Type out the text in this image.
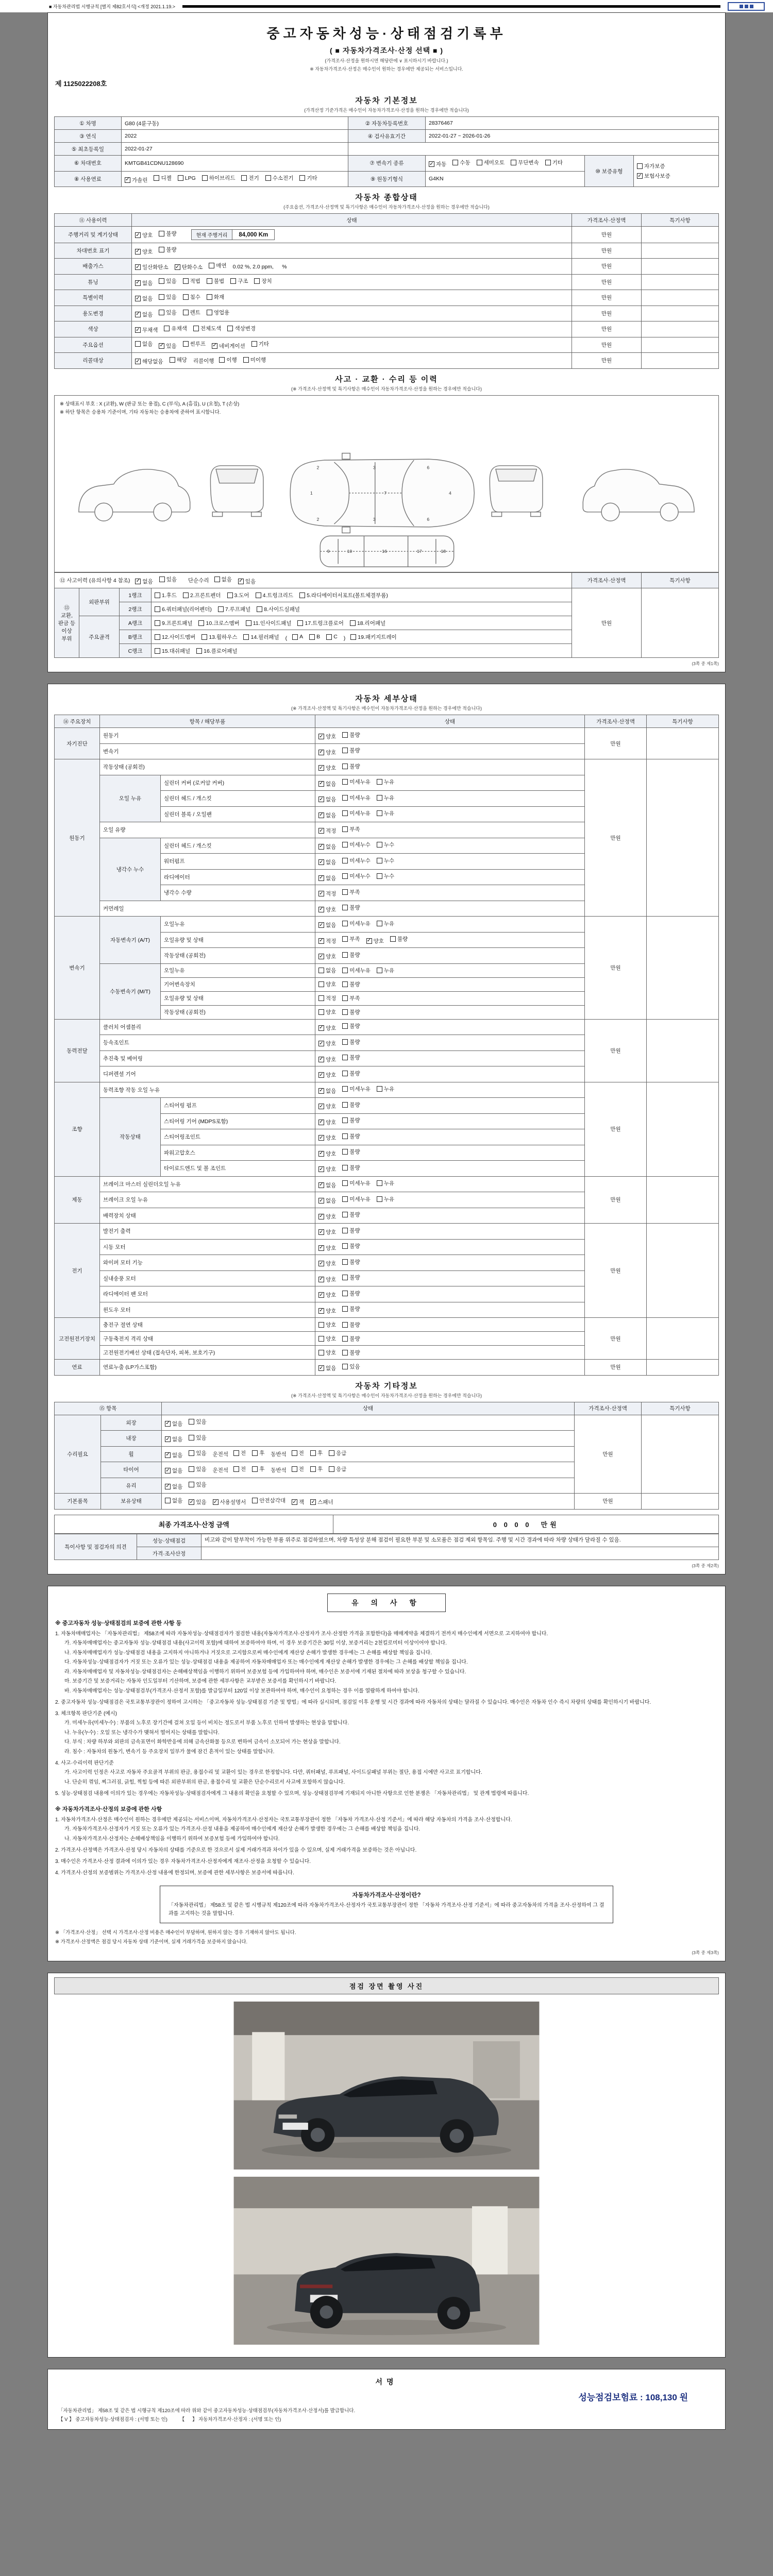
■ 자동차관리법 시행규칙 [별지 제82호서식] <개정 2021.1.19.>
중고자동차성능·상태점검기록부
( ■ 자동차가격조사·산정 선택 ■ )
(가격조사·산정을 원하시면 해당란에 ∨ 표시하시기 바랍니다.)
※ 자동차가격조사·산정은 매수인이 원하는 경우에만 제공되는 서비스입니다.
제 1125022208호
자동차 기본정보
(가격산정 기준가격은 매수인이 자동차가격조사·산정을 원하는 경우에만 적습니다)
① 차명	G80 (4륜구동)	② 자동차등록번호	28376467		
③ 연식	2022	④ 검사유효기간	2022-01-27 ~ 2026-01-26		
⑤ 최초등록일	2022-01-27				
⑥ 차대번호	KMTGB41CDNU128690	⑦ 변속기 종류	✓ 자동 수동 세미오토 무단변속 기타
	⑩ 보증유형	
자가보증
✓ 보험사보증

⑧ 사용연료	✓ 가솔린 디젤 LPG 하이브리드 전기 수소전기 기타	⑨ 원동기형식	G4KN
자동차 종합상태
(주요옵션, 가격조사·산정액 및 특기사항은 매수인이 자동차가격조사·산정을 원하는 경우에만 적습니다)
⑪ 사용이력	상태	가격조사·산정액	특기사항
주행거리 및 계기상태	✓ 양호 불량 현재 주행거리 84,000 Km	만원	
차대번호 표기	✓ 양호 불량	만원	
배출가스	✓ 일산화탄소 ✓ 탄화수소 매연 0.02 %, 2.0 ppm, 　 %	만원	
튜닝	✓ 없음 있음 적법 불법 구조 장치	만원	
특별이력	✓ 없음 있음 침수 화재	만원	
용도변경	✓ 없음 있음 렌트 영업용	만원	
색상	✓ 무채색 유채색 전체도색 색상변경	만원	
주요옵션	없음 ✓ 있음 썬루프 ✓ 네비게이션 기타	만원	
리콜대상	✓ 해당없음 해당 리콜이행 이행 미이행	만원	
사고 · 교환 · 수리 등 이력
(※ 가격조사·산정액 및 특기사항은 매수인이 자동차가격조사·산정을 원하는 경우에만 적습니다)
※ 상태표시 부호 : X (교환), W (판금 또는 용접), C (부식), A (흠집), U (요철), T (손상)
※ 하단 항목은 승용차 기준이며, 기타 자동차는 승용차에 준하여 표시합니다.
1
2
2
3
3
4
6
6
7
9	10	16	17	18
⑫ 사고이력 (유의사항 4 참조) ✓ 없음 있음 단순수리 없음 ✓ 있음	가격조사·산정액	특기사항
⑬ 교환, 판금 등 이상 부위	외판부위	1랭크	1.후드 2.프론트펜더 3.도어 4.트렁크리드 5.라디에이터서포트(볼트체결부품)	만원	
		2랭크	6.쿼터패널(리어펜더) 7.루프패널 8.사이드실패널		

	주요골격	A랭크	9.프론트패널 10.크로스멤버 11.인사이드패널 17.트렁크플로어 18.리어패널		

B랭크	12.사이드멤버 13.휠하우스 14.필러패널 ( A B C ) 19.패키지트레이

		C랭크	15.대쉬패널 16.플로어패널		
(3쪽 중 제1쪽)
자동차 세부상태
(※ 가격조사·산정액 및 특기사항은 매수인이 자동차가격조사·산정을 원하는 경우에만 적습니다)
⑭ 주요장치	항목 / 해당부품		상태	가격조사·산정액	특기사항
자기진단	원동기		✓ 양호 불량	만원	
	변속기		✓ 양호 불량		

원동기	작동상태 (공회전)		✓ 양호 불량	만원	
	오일 누유	실린더 커버 (로커암 커버)	✓ 없음 미세누유 누유		

		실린더 헤드 / 개스킷	✓ 없음 미세누유 누유		

		실린더 블록 / 오일팬	✓ 없음 미세누유 누유		

	오일 유량		✓ 적정 부족		

	냉각수 누수	실린더 헤드 / 개스킷	✓ 없음 미세누수 누수		

		워터펌프	✓ 없음 미세누수 누수		

		라디에이터	✓ 없음 미세누수 누수		

		냉각수 수량	✓ 적정 부족		

	커먼레일		✓ 양호 불량		

변속기	자동변속기 (A/T)	오일누유	✓ 없음 미세누유 누유	만원	
오일유량 및 상태	✓ 적정 부족 ✓ 양호 불량

		작동상태 (공회전)	✓ 양호 불량		

	수동변속기 (M/T)	오일누유	없음 미세누유 누유		

		기어변속장치	양호 불량		

		오일유량 및 상태	적정 부족		

		작동상태 (공회전)	양호 불량		

동력전달	클러치 어셈블리		✓ 양호 불량	만원	
	등속조인트		✓ 양호 불량		

	추진축 및 베어링		✓ 양호 불량		

	디퍼렌셜 기어		✓ 양호 불량		

조향	동력조향 작동 오일 누유		✓ 없음 미세누유 누유	만원	
	작동상태	스티어링 펌프	✓ 양호 불량		

		스티어링 기어 (MDPS포함)	✓ 양호 불량		

		스티어링조인트	✓ 양호 불량		

		파워고압호스	✓ 양호 불량		

		타이로드엔드 및 볼 조인트	✓ 양호 불량		

제동	브레이크 마스터 실린더오일 누유		✓ 없음 미세누유 누유	만원	
	브레이크 오일 누유		✓ 없음 미세누유 누유		

	배력장치 상태		✓ 양호 불량		

전기	발전기 출력		✓ 양호 불량	만원	
	시동 모터		✓ 양호 불량		

	와이퍼 모터 기능		✓ 양호 불량		

	실내송풍 모터		✓ 양호 불량		

	라디에이터 팬 모터		✓ 양호 불량		

	윈도우 모터		✓ 양호 불량		

고전원전기장치	충전구 절연 상태		양호 불량	만원	
	구동축전지 격리 상태		양호 불량		

	고전원전기배선 상태 (접속단자, 피복, 보호기구)		양호 불량		

연료	연료누출 (LP가스포함)		✓ 없음 있음	만원	
자동차 기타정보
(※ 가격조사·산정액 및 특기사항은 매수인이 자동차가격조사·산정을 원하는 경우에만 적습니다)
⑮ 항목		상태	가격조사·산정액	특기사항
수리필요	외장	✓ 없음 있음	만원	
	내장	✓ 없음 있음		

휠	✓ 없음 있음 운전석 전 후 동반석 전 후 응급

타이어	✓ 없음 있음 운전석 전 후 동반석 전 후 응급

	유리	✓ 없음 있음		

기본품목	보유상태	없음 ✓ 있음 ✓ 사용설명서 안전삼각대 ✓ 잭 ✓ 스패너	만원	
최종 가격조사·산정 금액	0 0 0 0　 만원
특이사항 및 점검자의 의견	성능·상태점검	비고와 같이 탈부착이 가능한 부품 위주로 점검하였으며, 차량 특성상 분해 점검이 필요한 부분 및 소모품은 점검 제외 항목임. 주행 및 시간 경과에 따라 차량 상태가 달라질 수 있음.
	가격·조사산정	
(3쪽 중 제2쪽)
유 의 사 항
※ 중고자동차 성능·상태점검의 보증에 관한 사항 등
1. 자동차매매업자는 「자동차관리법」 제58조에 따라 자동차성능·상태점검자가 점검한 내용(자동차가격조사·산정자가 조사·산정한 가격을 포함한다)을 매매계약을 체결하기 전까지 매수인에게 서면으로 고지하여야 합니다.
가. 자동차매매업자는 중고자동차 성능·상태점검 내용(사고이력 포함)에 대하여 보증하여야 하며, 이 경우 보증기간은 30일 이상, 보증거리는 2천킬로미터 이상이어야 합니다.
나. 자동차매매업자가 성능·상태점검 내용을 고지하지 아니하거나 거짓으로 고지함으로써 매수인에게 재산상 손해가 발생한 경우에는 그 손해를 배상할 책임을 집니다.
다. 자동차성능·상태점검자가 거짓 또는 오류가 있는 성능·상태점검 내용을 제공하여 자동차매매업자 또는 매수인에게 재산상 손해가 발생한 경우에는 그 손해를 배상할 책임을 집니다.
라. 자동차매매업자 및 자동차성능·상태점검자는 손해배상책임을 이행하기 위하여 보증보험 등에 가입하여야 하며, 매수인은 보증서에 기재된 절차에 따라 보상을 청구할 수 있습니다.
마. 보증기간 및 보증거리는 자동차 인도일부터 기산하며, 보증에 관한 세부사항은 교부받은 보증서를 확인하시기 바랍니다.
바. 자동차매매업자는 성능·상태점검부(가격조사·산정서 포함)를 발급일부터 120일 이상 보관하여야 하며, 매수인이 요청하는 경우 이를 열람하게 하여야 합니다.
2. 중고자동차 성능·상태점검은 국토교통부장관이 정하여 고시하는 「중고자동차 성능·상태점검 기준 및 방법」에 따라 실시되며, 점검일 이후 운행 및 시간 경과에 따라 자동차의 상태는 달라질 수 있습니다. 매수인은 자동차 인수 즉시 차량의 상태를 확인하시기 바랍니다.
3. 체크항목 판단기준 (예시)
가. 미세누유(미세누수) : 부품의 노후로 장기간에 걸쳐 오일 등이 비치는 정도로서 부품 노후로 인하여 발생하는 현상을 말합니다.
나. 누유(누수) : 오일 또는 냉각수가 맺혀서 떨어지는 상태를 말합니다.
다. 부식 : 차량 하부와 외판의 금속표면이 화학반응에 의해 금속산화물 등으로 변하여 금속이 소모되어 가는 현상을 말합니다.
라. 침수 : 자동차의 원동기, 변속기 등 주요장치 일부가 물에 잠긴 흔적이 있는 상태를 말합니다.
4. 사고·수리이력 판단기준
가. 사고이력 인정은 사고로 자동차 주요골격 부위의 판금, 용접수리 및 교환이 있는 경우로 한정합니다. 다만, 쿼터패널, 루프패널, 사이드실패널 부위는 절단, 용접 시에만 사고로 표기합니다.
나. 단순히 꺾임, 찌그러짐, 긁힘, 찍힘 등에 따른 외판부위의 판금, 용접수리 및 교환은 단순수리로서 사고에 포함하지 않습니다.
5. 성능·상태점검 내용에 이의가 있는 경우에는 자동차성능·상태점검자에게 그 내용의 확인을 요청할 수 있으며, 성능·상태점검부에 기재되지 아니한 사항으로 인한 분쟁은 「자동차관리법」 및 관계 법령에 따릅니다.
※ 자동차가격조사·산정의 보증에 관한 사항
1. 자동차가격조사·산정은 매수인이 원하는 경우에만 제공되는 서비스이며, 자동차가격조사·산정자는 국토교통부장관이 정한 「자동차 가격조사·산정 기준서」에 따라 해당 자동차의 가격을 조사·산정합니다.
가. 자동차가격조사·산정자가 거짓 또는 오류가 있는 가격조사·산정 내용을 제공하여 매수인에게 재산상 손해가 발생한 경우에는 그 손해를 배상할 책임을 집니다.
나. 자동차가격조사·산정자는 손해배상책임을 이행하기 위하여 보증보험 등에 가입하여야 합니다.
2. 가격조사·산정액은 가격조사·산정 당시 자동차의 상태를 기준으로 한 것으로서 실제 거래가격과 차이가 있을 수 있으며, 실제 거래가격을 보증하는 것은 아닙니다.
3. 매수인은 가격조사·산정 결과에 이의가 있는 경우 자동차가격조사·산정자에게 재조사·산정을 요청할 수 있습니다.
4. 가격조사·산정의 보증범위는 가격조사·산정 내용에 한정되며, 보증에 관한 세부사항은 보증서에 따릅니다.
자동차가격조사·산정이란?
「자동차관리법」 제58조 및 같은 법 시행규칙 제120조에 따라 자동차가격조사·산정자가 국토교통부장관이 정한 「자동차 가격조사·산정 기준서」에 따라 중고자동차의 가격을 조사·산정하여 그 결과를 고지하는 것을 말합니다.
※ 「가격조사·산정」 선택 시 가격조사·산정 비용은 매수인이 부담하며, 원하지 않는 경우 기재하지 않아도 됩니다.
※ 가격조사·산정액은 점검 당시 자동차 상태 기준이며, 실제 거래가격을 보증하지 않습니다.
(3쪽 중 제3쪽)
점검 장면 촬영 사진
서명
성능점검보험료 : 108,130 원
「자동차관리법」 제58조 및 같은 법 시행규칙 제120조에 따라 위와 같이 중고자동차성능·상태점검부(자동차가격조사·산정서)를 발급합니다.
【 V 】 중고자동차성능·상태점검자 : (서명 또는 인)　　　【 　 】 자동차가격조사·산정자 : (서명 또는 인)
